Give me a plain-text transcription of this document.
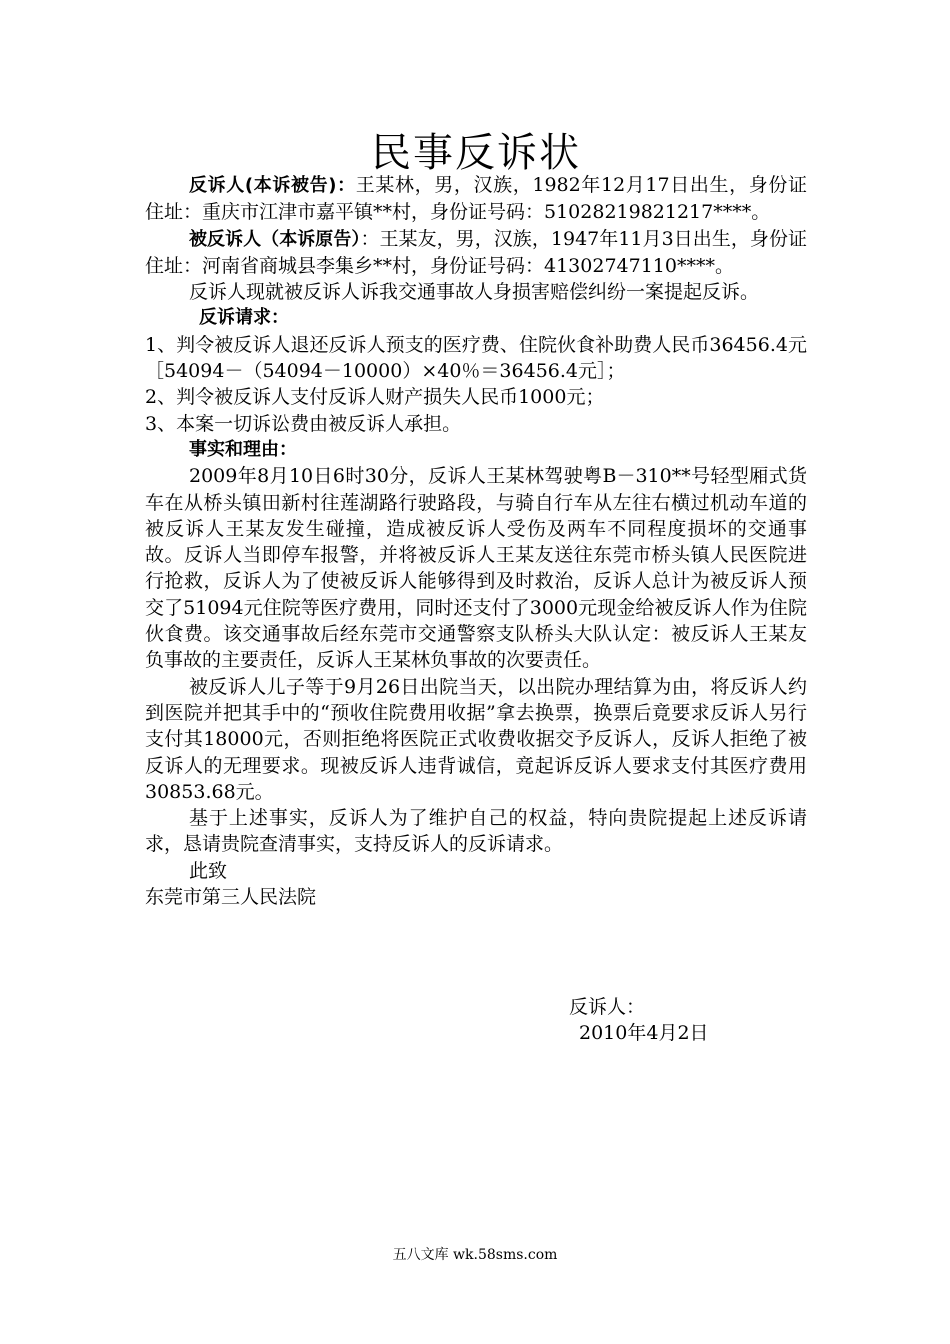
民事反诉状

反诉人(本诉被告)：王某林，男，汉族，1982年12月17日出生，身份证住址：重庆市江津市嘉平镇**村，身份证号码：51028219821217****。

被反诉人（本诉原告）：王某友，男，汉族，1947年11月3日出生，身份证住址：河南省商城县李集乡**村，身份证号码：41302747110****。

反诉人现就被反诉人诉我交通事故人身损害赔偿纠纷一案提起反诉。

反诉请求：

1、判令被反诉人退还反诉人预支的医疗费、住院伙食补助费人民币36456.4元［54094－（54094－10000）×40％＝36456.4元］；

2、判令被反诉人支付反诉人财产损失人民币1000元；

3、本案一切诉讼费由被反诉人承担。

事实和理由：

2009年8月10日6时30分，反诉人王某林驾驶粤B－310**号轻型厢式货车在从桥头镇田新村往莲湖路行驶路段，与骑自行车从左往右横过机动车道的被反诉人王某友发生碰撞，造成被反诉人受伤及两车不同程度损坏的交通事故。反诉人当即停车报警，并将被反诉人王某友送往东莞市桥头镇人民医院进行抢救，反诉人为了使被反诉人能够得到及时救治，反诉人总计为被反诉人预交了51094元住院等医疗费用，同时还支付了3000元现金给被反诉人作为住院伙食费。该交通事故后经东莞市交通警察支队桥头大队认定：被反诉人王某友负事故的主要责任，反诉人王某林负事故的次要责任。

被反诉人儿子等于9月26日出院当天，以出院办理结算为由，将反诉人约到医院并把其手中的“预收住院费用收据”拿去换票，换票后竟要求反诉人另行支付其18000元，否则拒绝将医院正式收费收据交予反诉人，反诉人拒绝了被反诉人的无理要求。现被反诉人违背诚信，竟起诉反诉人要求支付其医疗费用30853.68元。

基于上述事实，反诉人为了维护自己的权益，特向贵院提起上述反诉请求，恳请贵院查清事实，支持反诉人的反诉请求。

此致

东莞市第三人民法院

反诉人：
2010年4月2日
五八文库 wk.58sms.com
